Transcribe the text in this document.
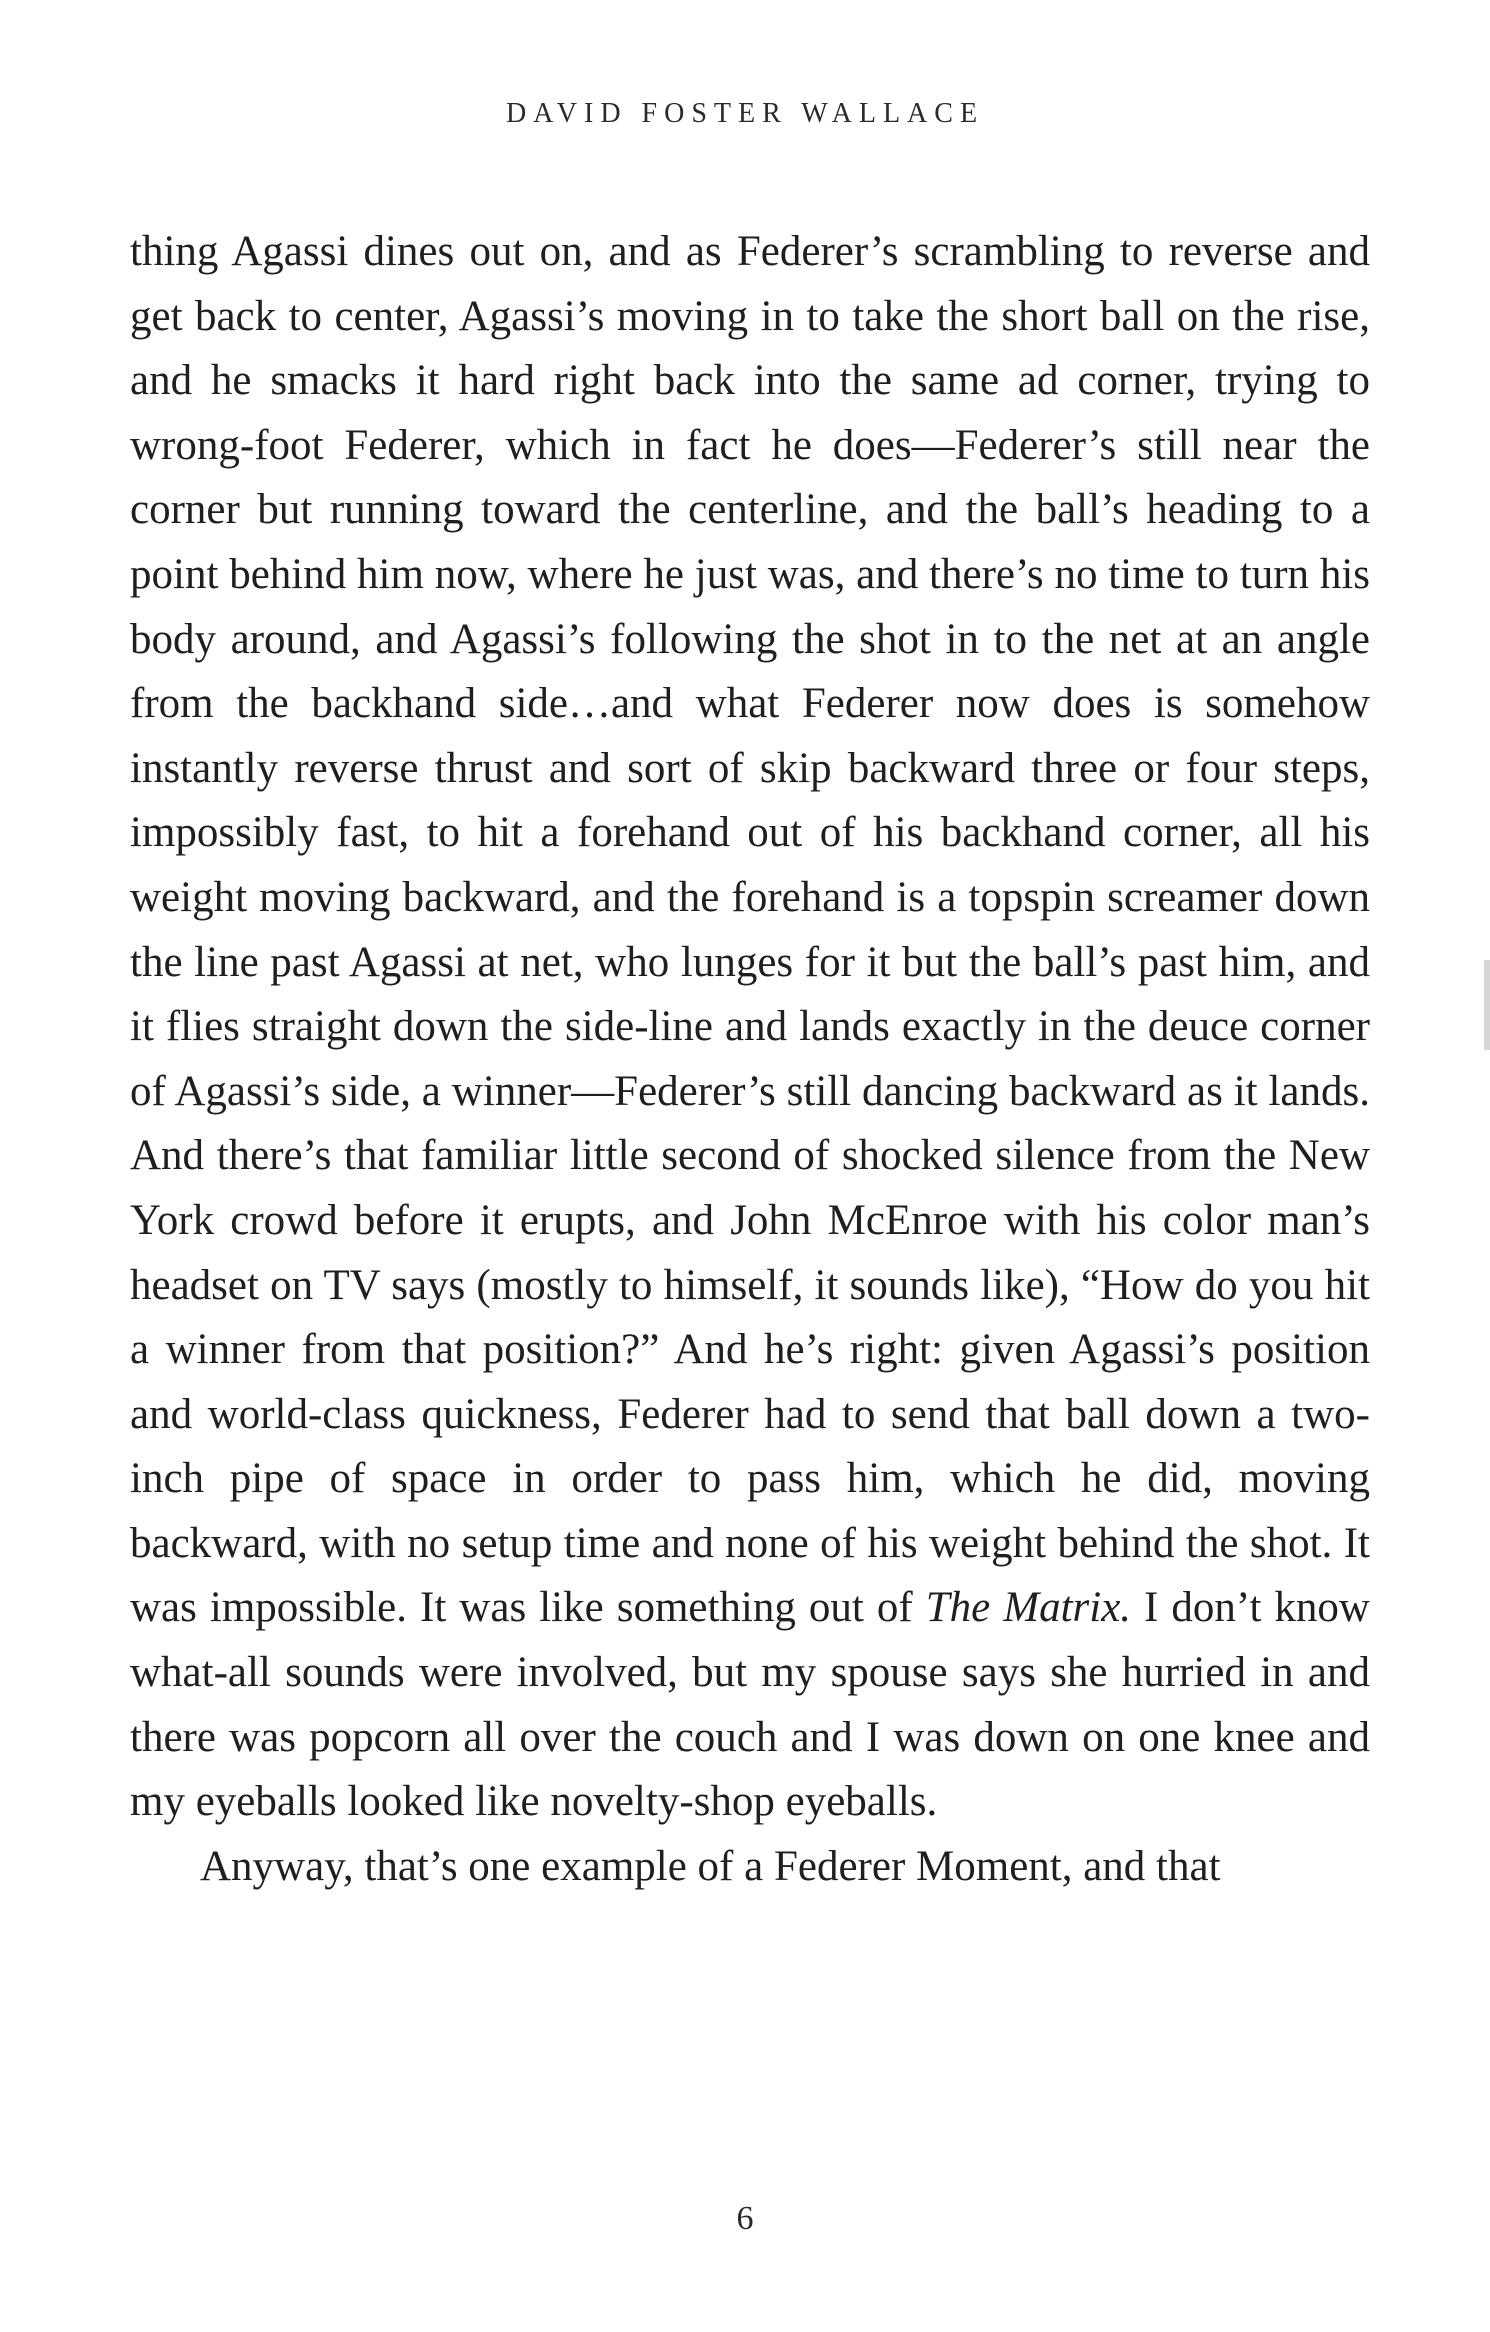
DAVID FOSTER WALLACE

thing Agassi dines out on, and as Federer’s scrambling to reverse and get back to center, Agassi’s moving in to take the short ball on the rise, and he smacks it hard right back into the same ad corner, trying to wrong-foot Federer, which in fact he does—Federer’s still near the corner but running toward the centerline, and the ball’s heading to a point behind him now, where he just was, and there’s no time to turn his body around, and Agassi’s following the shot in to the net at an angle from the backhand side…and what Federer now does is somehow instantly reverse thrust and sort of skip backward three or four steps, impossibly fast, to hit a forehand out of his backhand corner, all his weight moving backward, and the forehand is a topspin screamer down the line past Agassi at net, who lunges for it but the ball’s past him, and it flies straight down the side-line and lands exactly in the deuce corner of Agassi’s side, a winner—Federer’s still dancing backward as it lands. And there’s that familiar little second of shocked silence from the New York crowd before it erupts, and John McEnroe with his color man’s headset on TV says (mostly to himself, it sounds like), “How do you hit a winner from that position?” And he’s right: given Agassi’s position and world-class quickness, Federer had to send that ball down a two-inch pipe of space in order to pass him, which he did, moving backward, with no setup time and none of his weight behind the shot. It was impossible. It was like something out of The Matrix. I don’t know what-all sounds were involved, but my spouse says she hurried in and there was popcorn all over the couch and I was down on one knee and my eyeballs looked like novelty-shop eyeballs.

Anyway, that’s one example of a Federer Moment, and that

6
